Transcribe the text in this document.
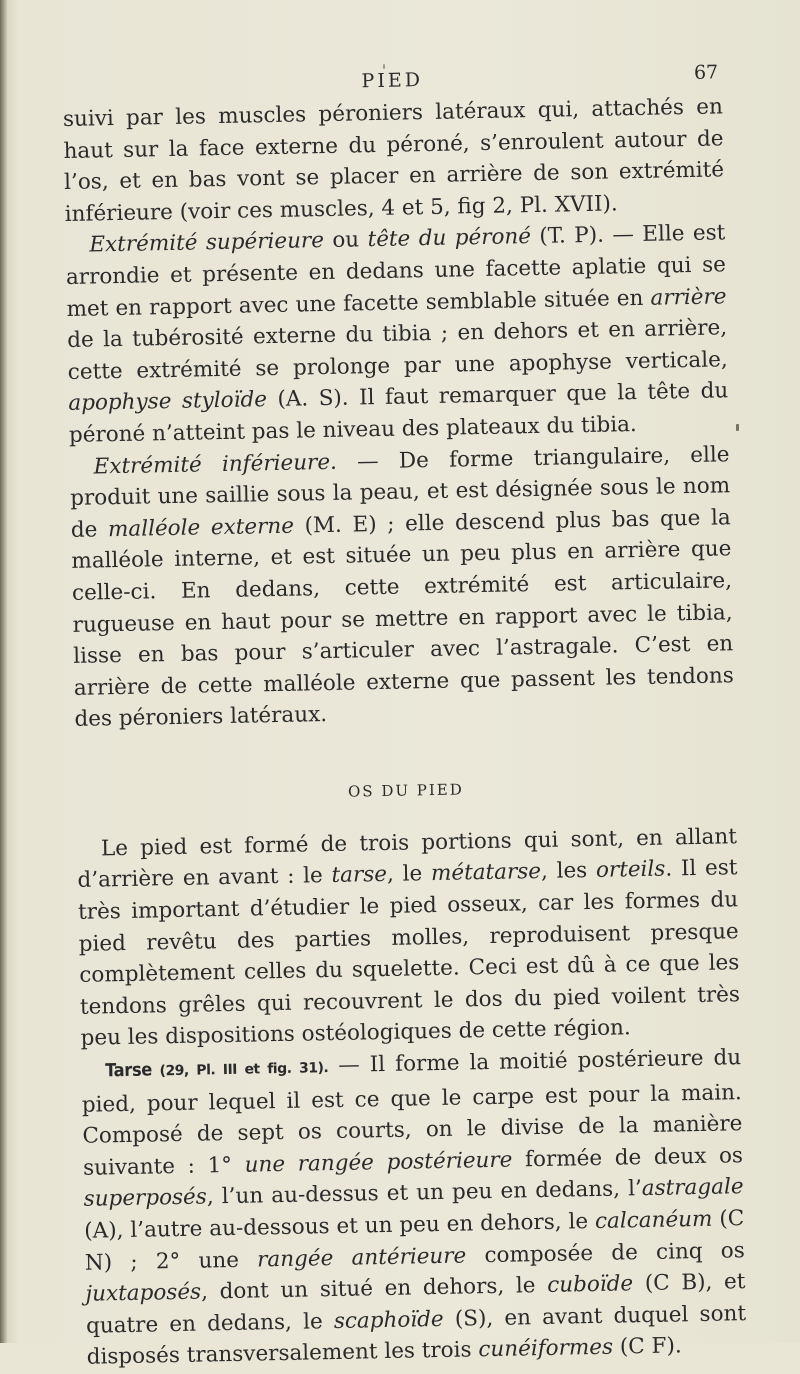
PIED	67

suivi par les muscles péroniers latéraux qui, attachés en haut sur la face externe du péroné, s’enroulent autour de l’os, et en bas vont se placer en arrière de son extrémité inférieure (voir ces muscles, 4 et 5, fig 2, Pl. XVII).

Extrémité supérieure ou tête du péroné (T. P). — Elle est arrondie et présente en dedans une facette aplatie qui se met en rapport avec une facette semblable située en arrière de la tubérosité externe du tibia ; en dehors et en arrière, cette extrémité se prolonge par une apophyse verticale, apophyse styloïde (A. S). Il faut remarquer que la tête du péroné n’atteint pas le niveau des plateaux du tibia.

Extrémité inférieure. — De forme triangulaire, elle produit une saillie sous la peau, et est désignée sous le nom de malléole externe (M. E) ; elle descend plus bas que la malléole interne, et est située un peu plus en arrière que celle-ci. En dedans, cette extrémité est articulaire, rugueuse en haut pour se mettre en rapport avec le tibia, lisse en bas pour s’articuler avec l’astragale. C’est en arrière de cette malléole externe que passent les tendons des péroniers latéraux.

OS DU PIED

Le pied est formé de trois portions qui sont, en allant d’arrière en avant : le tarse, le métatarse, les orteils. Il est très important d’étudier le pied osseux, car les formes du pied revêtu des parties molles, reproduisent presque complètement celles du squelette. Ceci est dû à ce que les tendons grêles qui recouvrent le dos du pied voilent très peu les dispositions ostéologiques de cette région.

Tarse (29, Pl. III et fig. 31). — Il forme la moitié postérieure du pied, pour lequel il est ce que le carpe est pour la main. Composé de sept os courts, on le divise de la manière suivante : 1° une rangée postérieure formée de deux os superposés, l’un au-dessus et un peu en dedans, l’astragale (A), l’autre au-dessous et un peu en dehors, le calcanéum (C N) ; 2° une rangée antérieure composée de cinq os juxtaposés, dont un situé en dehors, le cuboïde (C B), et quatre en dedans, le scaphoïde (S), en avant duquel sont disposés transversalement les trois cunéiformes (C F).
